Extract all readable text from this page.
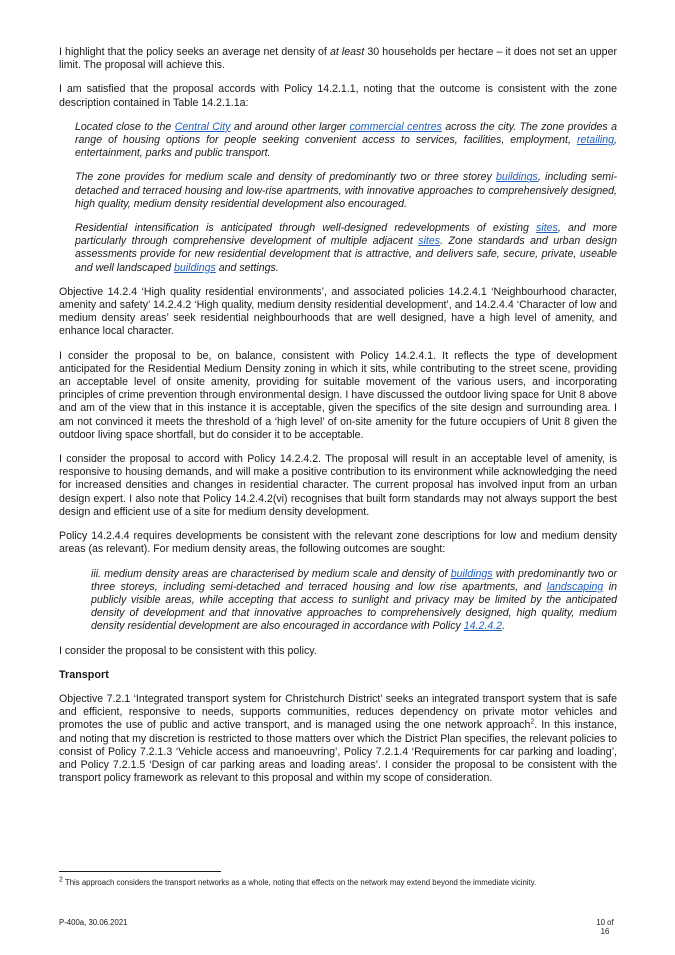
I highlight that the policy seeks an average net density of at least 30 households per hectare – it does not set an upper limit. The proposal will achieve this.

I am satisfied that the proposal accords with Policy 14.2.1.1, noting that the outcome is consistent with the zone description contained in Table 14.2.1.1a:

Located close to the Central City and around other larger commercial centres across the city. The zone provides a range of housing options for people seeking convenient access to services, facilities, employment, retailing, entertainment, parks and public transport.

The zone provides for medium scale and density of predominantly two or three storey buildings, including semi-detached and terraced housing and low-rise apartments, with innovative approaches to comprehensively designed, high quality, medium density residential development also encouraged.

Residential intensification is anticipated through well-designed redevelopments of existing sites, and more particularly through comprehensive development of multiple adjacent sites. Zone standards and urban design assessments provide for new residential development that is attractive, and delivers safe, secure, private, useable and well landscaped buildings and settings.

Objective 14.2.4 ‘High quality residential environments’, and associated policies 14.2.4.1 ‘Neighbourhood character, amenity and safety’ 14.2.4.2 ‘High quality, medium density residential development’, and 14.2.4.4 ‘Character of low and medium density areas’ seek residential neighbourhoods that are well designed, have a high level of amenity, and enhance local character.

I consider the proposal to be, on balance, consistent with Policy 14.2.4.1. It reflects the type of development anticipated for the Residential Medium Density zoning in which it sits, while contributing to the street scene, providing an acceptable level of onsite amenity, providing for suitable movement of the various users, and incorporating principles of crime prevention through environmental design. I have discussed the outdoor living space for Unit 8 above and am of the view that in this instance it is acceptable, given the specifics of the site design and surrounding area. I am not convinced it meets the threshold of a ‘high level’ of on-site amenity for the future occupiers of Unit 8 given the outdoor living space shortfall, but do consider it to be acceptable.

I consider the proposal to accord with Policy 14.2.4.2. The proposal will result in an acceptable level of amenity, is responsive to housing demands, and will make a positive contribution to its environment while acknowledging the need for increased densities and changes in residential character. The current proposal has involved input from an urban design expert. I also note that Policy 14.2.4.2(vi) recognises that built form standards may not always support the best design and efficient use of a site for medium density development.

Policy 14.2.4.4 requires developments be consistent with the relevant zone descriptions for low and medium density areas (as relevant). For medium density areas, the following outcomes are sought:

iii. medium density areas are characterised by medium scale and density of buildings with predominantly two or three storeys, including semi-detached and terraced housing and low rise apartments, and landscaping in publicly visible areas, while accepting that access to sunlight and privacy may be limited by the anticipated density of development and that innovative approaches to comprehensively designed, high quality, medium density residential development are also encouraged in accordance with Policy 14.2.4.2.

I consider the proposal to be consistent with this policy.

Transport

Objective 7.2.1 ‘Integrated transport system for Christchurch District’ seeks an integrated transport system that is safe and efficient, responsive to needs, supports communities, reduces dependency on private motor vehicles and promotes the use of public and active transport, and is managed using the one network approach$^2$. In this instance, and noting that my discretion is restricted to those matters over which the District Plan specifies, the relevant policies to consist of Policy 7.2.1.3 ‘Vehicle access and manoeuvring’, Policy 7.2.1.4 ‘Requirements for car parking and loading’, and Policy 7.2.1.5 ‘Design of car parking areas and loading areas’. I consider the proposal to be consistent with the transport policy framework as relevant to this proposal and within my scope of consideration.

$^2$ This approach considers the transport networks as a whole, noting that effects on the network may extend beyond the immediate vicinity.
P-400a, 30.06.2021	10 of
16
